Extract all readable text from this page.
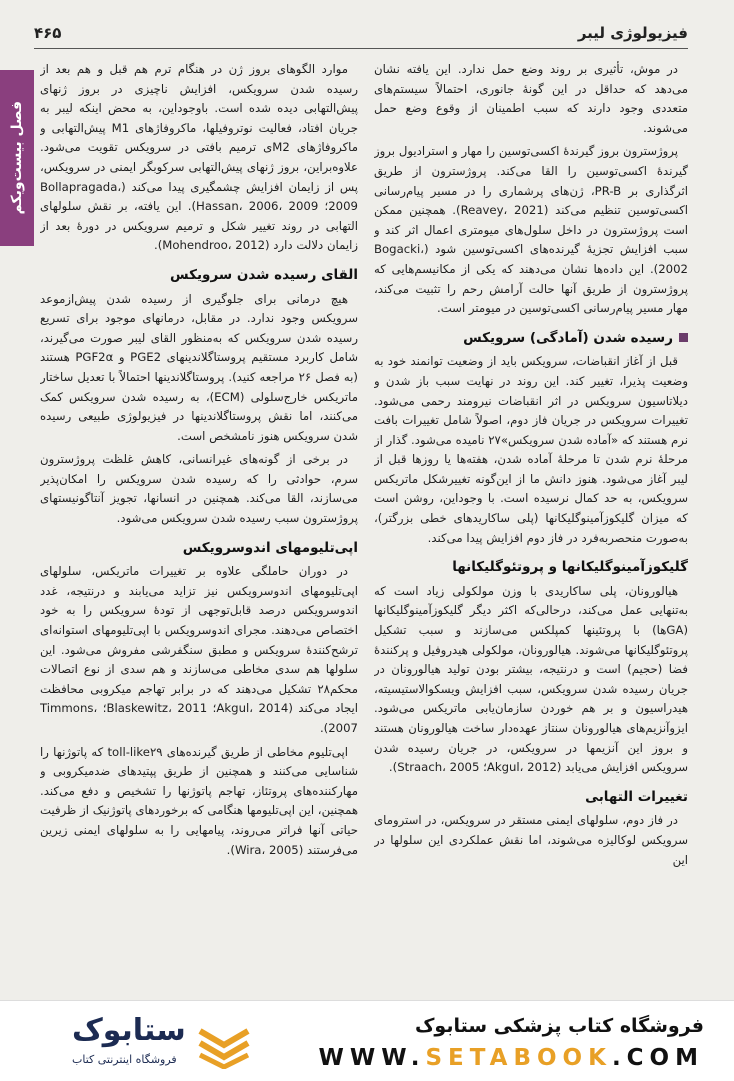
فیزیولوژی لیبر
۴۶۵
فصل بیست‌ویکم

در موش، تأثیری بر روند وضع حمل ندارد. این یافته نشان می‌دهد که حداقل در این گونهٔ جانوری، احتمالاً سیستم‌های متعددی وجود دارند که سبب اطمینان از وقوع وضع حمل می‌شوند.

پروژسترون بروز گیرندهٔ اکسی‌توسین را مهار و استرادیول بروز گیرندهٔ اکسی‌توسین را القا می‌کند. پروژسترون از طریق اثرگذاری بر PR-B، ژن‌های پرشماری را در مسیر پیام‌رسانی اکسی‌توسین تنظیم می‌کند (Reavey، 2021). همچنین ممکن است پروژسترون در داخل سلول‌های میومتری اعمال اثر کند و سبب افزایش تجزیهٔ گیرنده‌های اکسی‌توسین شود (Bogacki، 2002). این داده‌ها نشان می‌دهند که یکی از مکانیسم‌هایی که پروژسترون از طریق آنها حالت آرامش رحم را تثبیت می‌کند، مهار مسیر پیام‌رسانی اکسی‌توسین در میومتر است.

رسیده شدن (آمادگی) سرویکس

قبل از آغاز انقباضات، سرویکس باید از وضعیت توانمند خود به وضعیت پذیرا، تغییر کند. این روند در نهایت سبب باز شدن و دیلاتاسیون سرویکس در اثر انقباضات نیرومند رحمی می‌شود. تغییرات سرویکس در جریان فاز دوم، اصولاً شامل تغییرات بافت نرم هستند که «آماده شدن سرویکس»۲۷ نامیده می‌شود. گذار از مرحلهٔ نرم شدن تا مرحلهٔ آماده شدن، هفته‌ها یا روزها قبل از لیبر آغاز می‌شود. هنوز دانش ما از این‌گونه تغییرشکل ماتریکس سرویکس، به حد کمال نرسیده است. با وجوداین، روشن است که میزان گلیکوزآمینوگلیکانها (پلی ساکاریدهای خطی بزرگتر)، به‌صورت منحصربه‌فرد در فاز دوم افزایش پیدا می‌کند.

گلیکوزآمینوگلیکانها و پروتئوگلیکانها

هیالورونان، پلی ساکاریدی با وزن مولکولی زیاد است که به‌تنهایی عمل می‌کند، درحالی‌که اکثر دیگر گلیکوزآمینوگلیکانها (GAها) با پروتئینها کمپلکس می‌سازند و سبب تشکیل پروتئوگلیکانها می‌شوند. هیالورونان، مولکولی هیدروفیل و پرکنندهٔ فضا (حجیم) است و درنتیجه، بیشتر بودن تولید هیالورونان در جریان رسیده شدن سرویکس، سبب افزایش ویسکوالاستیسیته، هیدراسیون و بر هم خوردن سازمان‌یابی ماتریکس می‌شود. ایزوآنزیم‌های هیالورونان سنتاز عهده‌دار ساخت هیالورونان هستند و بروز این آنزیمها در سرویکس، در جریان رسیده شدن سرویکس افزایش می‌یابد (Akgul، 2012؛ Straach، 2005).

تغییرات التهابی

در فاز دوم، سلولهای ایمنی مستقر در سرویکس، در استرومای سرویکس لوکالیزه می‌شوند، اما نقش عملکردی این سلولها در این

موارد الگوهای بروز ژن در هنگام ترم هم قبل و هم بعد از رسیده شدن سرویکس، افزایش ناچیزی در بروز ژنهای پیش‌التهابی دیده شده است. باوجوداین، به محض اینکه لیبر به جریان افتاد، فعالیت نوتروفیلها، ماکروفاژهای M1 پیش‌التهابی و ماکروفاژهای M2ی ترمیم بافتی در سرویکس تقویت می‌شود. علاوه‌براین، بروز ژنهای پیش‌التهابی سرکوبگر ایمنی در سرویکس، پس از زایمان افزایش چشمگیری پیدا می‌کند (Bollapragada، 2009؛ Hassan، 2006، 2009). این یافته، بر نقش سلولهای التهابی در روند تغییر شکل و ترمیم سرویکس در دورهٔ بعد از زایمان دلالت دارد (Mohendroo، 2012).

القای رسیده شدن سرویکس

هیچ درمانی برای جلوگیری از رسیده شدن پیش‌ازموعد سرویکس وجود ندارد. در مقابل، درمانهای موجود برای تسریع رسیده شدن سرویکس که به‌منظور القای لیبر صورت می‌گیرند، شامل کاربرد مستقیم پروستاگلاندینهای PGE2 و PGF2α هستند (به فصل ۲۶ مراجعه کنید). پروستاگلاندینها احتمالاً با تعدیل ساختار ماتریکس خارج‌سلولی (ECM)، به رسیده شدن سرویکس کمک می‌کنند، اما نقش پروستاگلاندینها در فیزیولوژی طبیعی رسیده شدن سرویکس هنوز نامشخص است.

در برخی از گونه‌های غیرانسانی، کاهش غلظت پروژسترون سرم، حوادثی را که رسیده شدن سرویکس را امکان‌پذیر می‌سازند، القا می‌کند. همچنین در انسانها، تجویز آنتاگونیستهای پروژسترون سبب رسیده شدن سرویکس می‌شود.

اپی‌تلیومهای اندوسرویکس

در دوران حاملگی علاوه بر تغییرات ماتریکس، سلولهای اپی‌تلیومهای اندوسرویکس نیز تزاید می‌یابند و درنتیجه، غدد اندوسرویکس درصد قابل‌توجهی از تودهٔ سرویکس را به خود اختصاص می‌دهند. مجرای اندوسرویکس با اپی‌تلیومهای استوانه‌ای ترشح‌کنندهٔ سرویکس و مطبق سنگفرشی مفروش می‌شود. این سلولها هم سدی مخاطی می‌سازند و هم سدی از نوع اتصالات محکم۲۸ تشکیل می‌دهند که در برابر تهاجم میکروبی محافظت ایجاد می‌کند (Akgul، 2014؛ Blaskewitz، 2011؛ Timmons، 2007).

اپی‌تلیوم مخاطی از طریق گیرنده‌های toll-like۲۹ که پاتوژنها را شناسایی می‌کنند و همچنین از طریق پپتیدهای ضدمیکروبی و مهارکننده‌های پروتئاز، تهاجم پاتوژنها را تشخیص و دفع می‌کند. همچنین، این اپی‌تلیومها هنگامی که برخوردهای پاتوژنیک از ظرفیت حیاتی آنها فراتر می‌روند، پیامهایی را به سلولهای ایمنی زیرین می‌فرستند (Wira، 2005).

ستابوک
فروشگاه اینترنتی کتاب
فروشگاه کتاب پزشکی ستابوک
WWW.SETABOOK.COM
